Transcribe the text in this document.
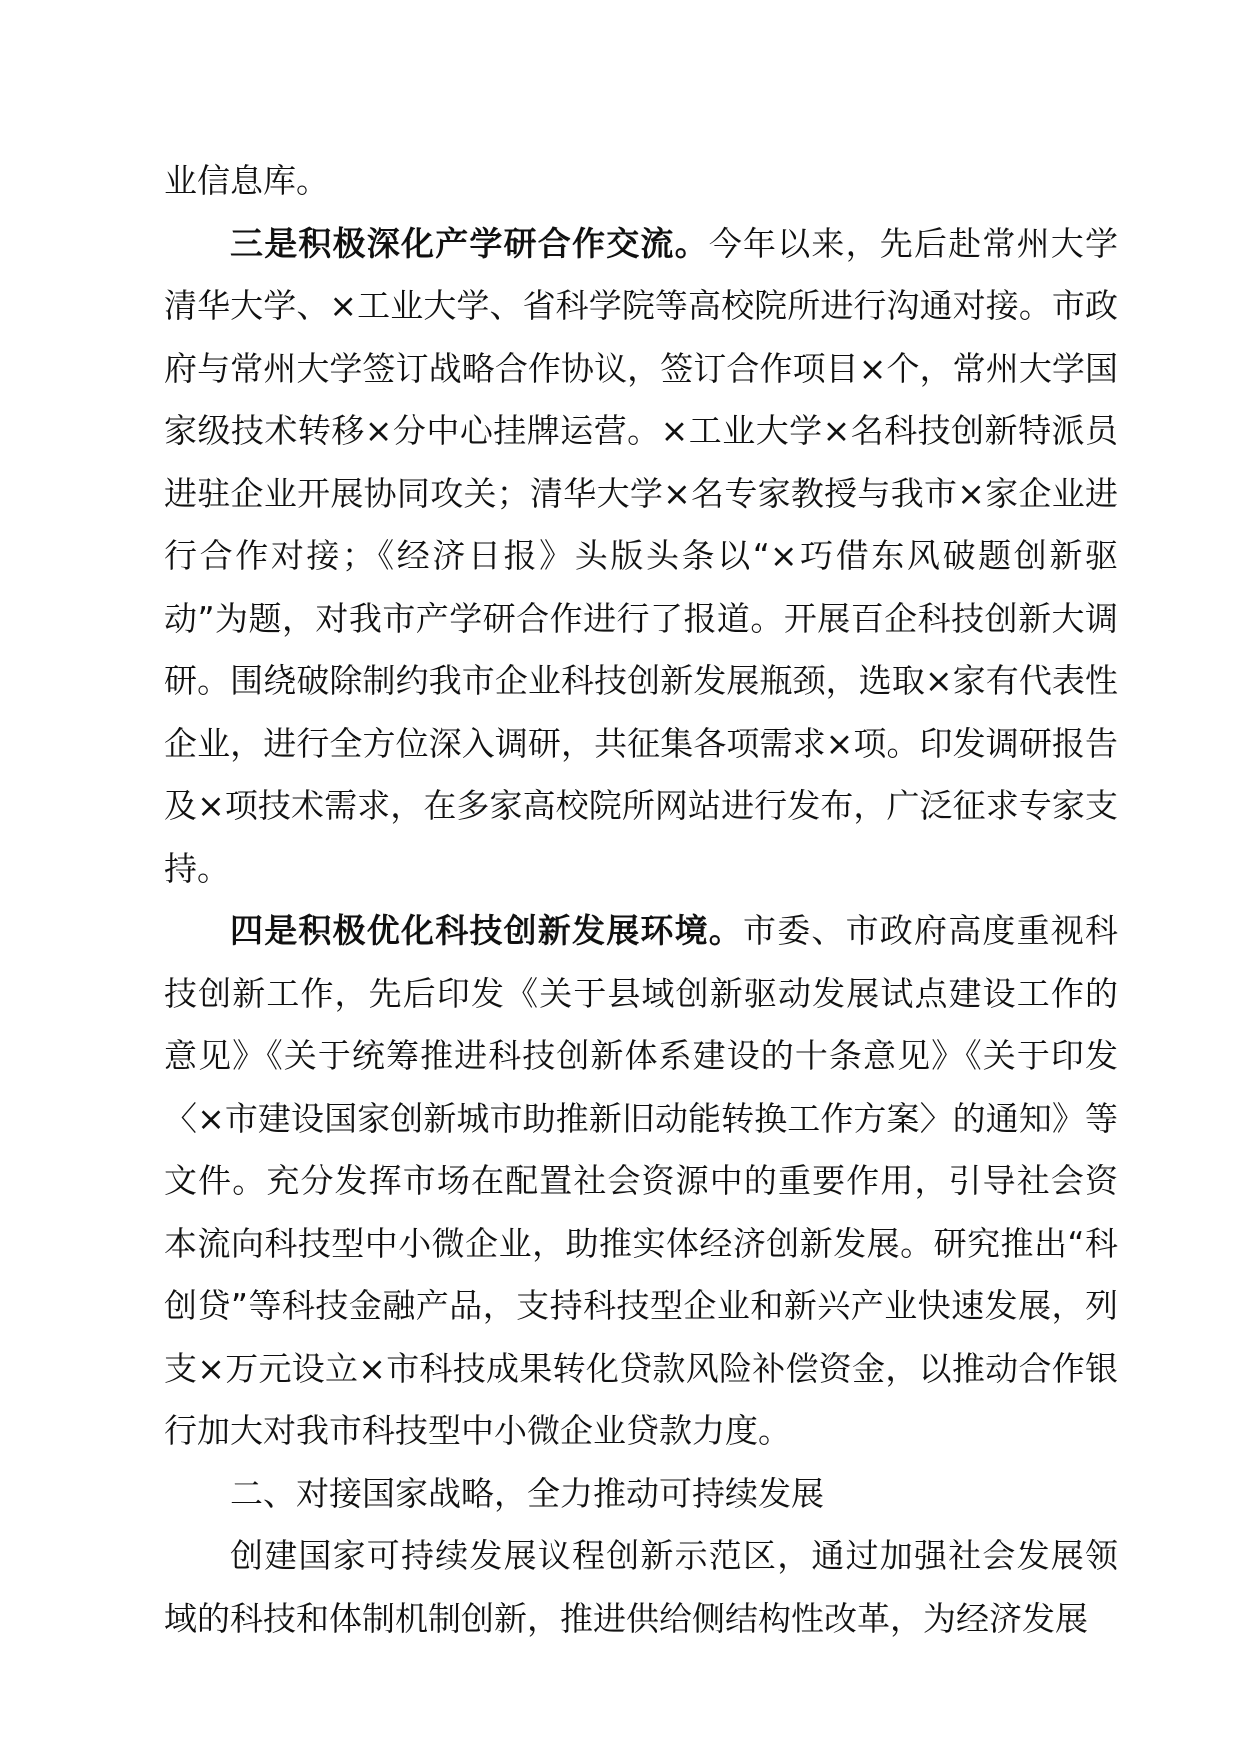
业信息库。

三是积极深化产学研合作交流。今年以来，先后赴常州大学清华大学、×工业大学、省科学院等高校院所进行沟通对接。市政府与常州大学签订战略合作协议，签订合作项目×个，常州大学国家级技术转移×分中心挂牌运营。×工业大学×名科技创新特派员进驻企业开展协同攻关；清华大学×名专家教授与我市×家企业进行合作对接；《经济日报》头版头条以“×巧借东风破题创新驱动”为题，对我市产学研合作进行了报道。开展百企科技创新大调研。围绕破除制约我市企业科技创新发展瓶颈，选取×家有代表性企业，进行全方位深入调研，共征集各项需求×项。印发调研报告及×项技术需求，在多家高校院所网站进行发布，广泛征求专家支持。

四是积极优化科技创新发展环境。市委、市政府高度重视科技创新工作，先后印发《关于县域创新驱动发展试点建设工作的意见》《关于统筹推进科技创新体系建设的十条意见》《关于印发〈×市建设国家创新城市助推新旧动能转换工作方案〉的通知》等文件。充分发挥市场在配置社会资源中的重要作用，引导社会资本流向科技型中小微企业，助推实体经济创新发展。研究推出“科创贷”等科技金融产品，支持科技型企业和新兴产业快速发展，列支×万元设立×市科技成果转化贷款风险补偿资金，以推动合作银行加大对我市科技型中小微企业贷款力度。

二、对接国家战略，全力推动可持续发展

创建国家可持续发展议程创新示范区，通过加强社会发展领域的科技和体制机制创新，推进供给侧结构性改革，为经济发展
